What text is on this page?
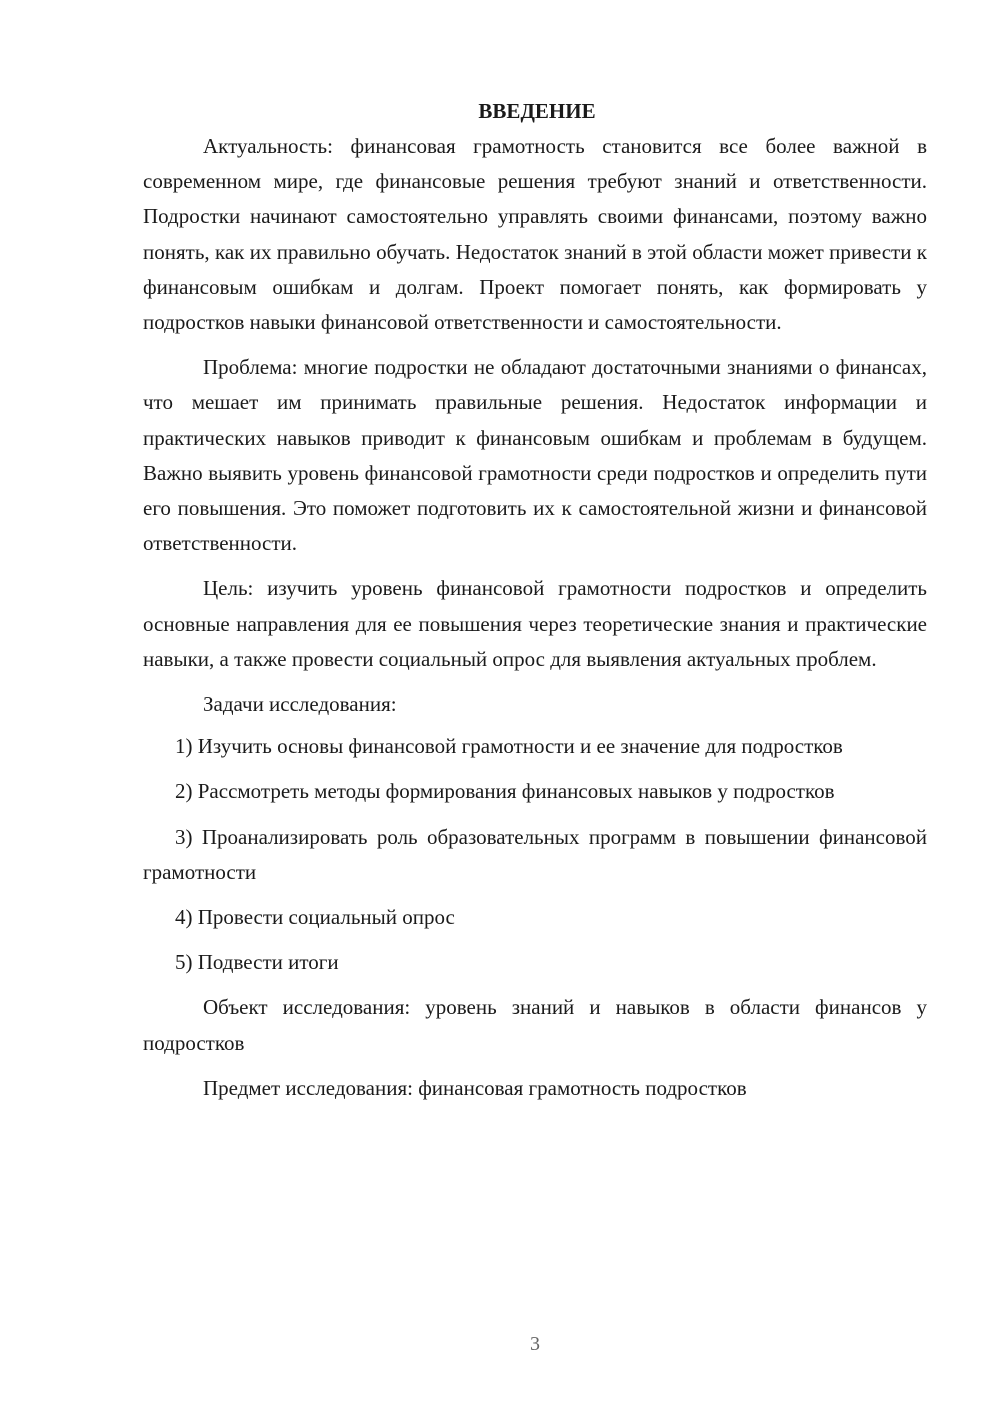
ВВЕДЕНИЕ

Актуальность: финансовая грамотность становится все более важной в современном мире, где финансовые решения требуют знаний и ответственности. Подростки начинают самостоятельно управлять своими финансами, поэтому важно понять, как их правильно обучать. Недостаток знаний в этой области может привести к финансовым ошибкам и долгам. Проект помогает понять, как формировать у подростков навыки финансовой ответственности и самостоятельности.

Проблема: многие подростки не обладают достаточными знаниями о финансах, что мешает им принимать правильные решения. Недостаток информации и практических навыков приводит к финансовым ошибкам и проблемам в будущем. Важно выявить уровень финансовой грамотности среди подростков и определить пути его повышения. Это поможет подготовить их к самостоятельной жизни и финансовой ответственности.

Цель: изучить уровень финансовой грамотности подростков и определить основные направления для ее повышения через теоретические знания и практические навыки, а также провести социальный опрос для выявления актуальных проблем.

Задачи исследования:

1) Изучить основы финансовой грамотности и ее значение для подростков

2) Рассмотреть методы формирования финансовых навыков у подростков

3) Проанализировать роль образовательных программ в повышении финансовой грамотности

4) Провести социальный опрос

5) Подвести итоги

Объект исследования: уровень знаний и навыков в области финансов у подростков

Предмет исследования: финансовая грамотность подростков

3
